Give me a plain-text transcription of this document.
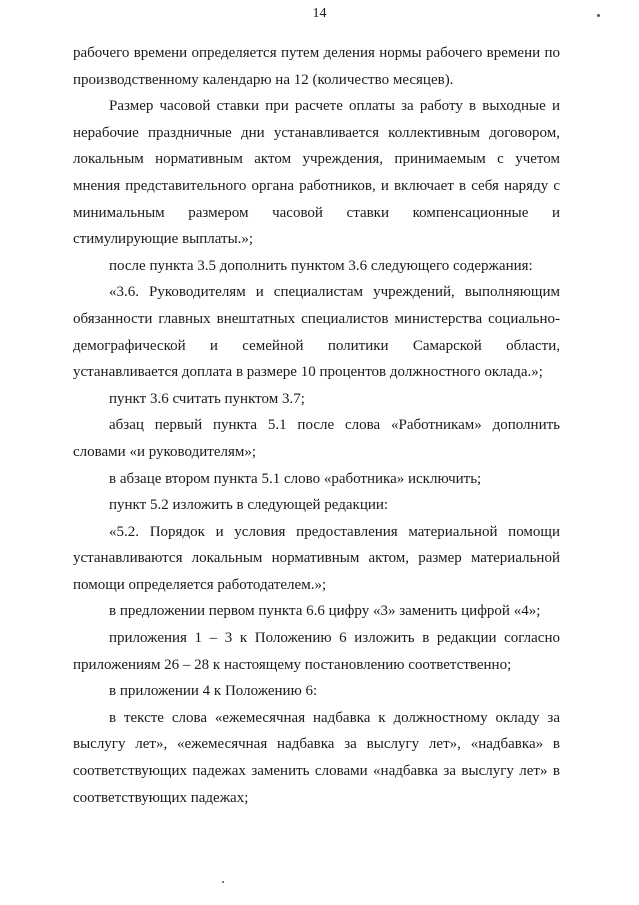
14

рабочего времени определяется путем деления нормы рабочего времени по
производственному календарю на 12 (количество месяцев).

Размер часовой ставки при расчете оплаты за работу в выходные и
нерабочие праздничные дни устанавливается коллективным договором,
локальным нормативным актом учреждения, принимаемым с учетом
мнения представительного органа работников, и включает в себя наряду с
минимальным размером часовой ставки компенсационные и
стимулирующие выплаты.»;

после пункта 3.5 дополнить пунктом 3.6 следующего содержания:

«3.6. Руководителям и специалистам учреждений, выполняющим
обязанности главных внештатных специалистов министерства социально-
демографической и семейной политики Самарской области,
устанавливается доплата в размере 10 процентов должностного оклада.»;

пункт 3.6 считать пунктом 3.7;

абзац первый пункта 5.1 после слова «Работникам» дополнить
словами «и руководителям»;

в абзаце втором пункта 5.1 слово «работника» исключить;

пункт 5.2 изложить в следующей редакции:

«5.2. Порядок и условия предоставления материальной помощи
устанавливаются локальным нормативным актом, размер материальной
помощи определяется работодателем.»;

в предложении первом пункта 6.6 цифру «3» заменить цифрой «4»;

приложения 1 – 3 к Положению 6 изложить в редакции согласно
приложениям 26 – 28 к настоящему постановлению соответственно;

в приложении 4 к Положению 6:

в тексте слова «ежемесячная надбавка к должностному окладу за
выслугу лет», «ежемесячная надбавка за выслугу лет», «надбавка» в
соответствующих падежах заменить словами «надбавка за выслугу лет» в
соответствующих падежах;
